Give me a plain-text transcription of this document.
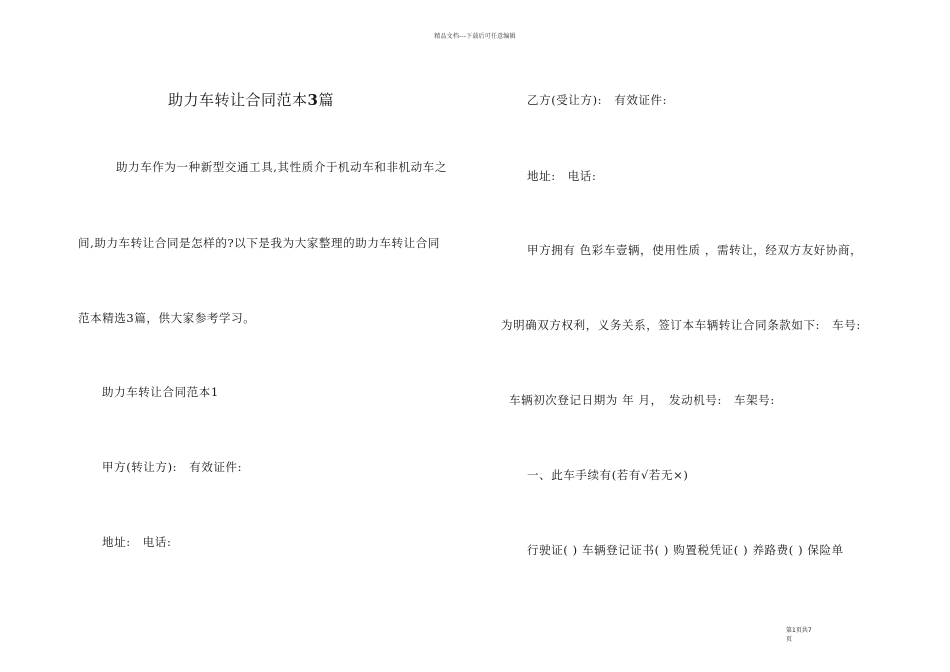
精品文档---下载后可任意编辑
助力车转让合同范本3篇
助力车作为一种新型交通工具,其性质介于机动车和非机动车之
间,助力车转让合同是怎样的?以下是我为大家整理的助力车转让合同
范本精选3篇，供大家参考学习。
助力车转让合同范本1
甲方(转让方):　有效证件:
地址:　电话:
乙方(受让方):　有效证件:
地址:　电话:
甲方拥有 色彩车壹辆，使用性质 ，需转让，经双方友好协商，
为明确双方权利，义务关系，签订本车辆转让合同条款如下:　车号:
车辆初次登记日期为 年 月，　发动机号:　车架号:
一、此车手续有(若有√若无×)
行驶证( ) 车辆登记证书( ) 购置税凭证( ) 养路费( ) 保险单
第1页共7
页
